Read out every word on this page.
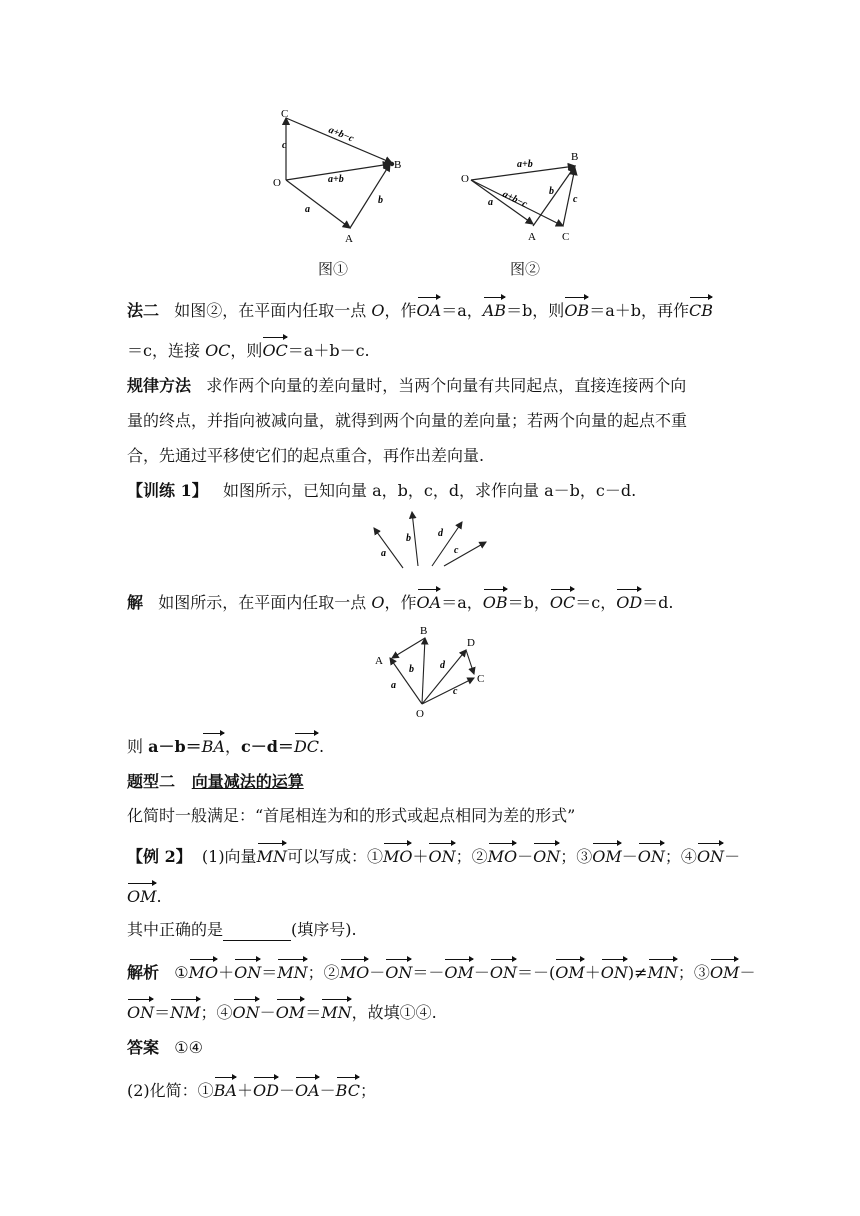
C
B
O
A
c
a+b−c
a+b
a
b
图①
O
B
A C
a+b
a+b−c
a
b
c
图②
法二 如图②，在平面内任取一点 O，作OA＝a，AB＝b，则OB＝a＋b，再作CB
＝c，连接 OC，则OC＝a＋b－c.
规律方法 求作两个向量的差向量时，当两个向量有共同起点，直接连接两个向
量的终点，并指向被减向量，就得到两个向量的差向量；若两个向量的起点不重
合，先通过平移使它们的起点重合，再作出差向量.
【训练 1】 如图所示，已知向量 a，b，c，d，求作向量 a－b，c－d.
a
b	d
c
解 如图所示，在平面内任取一点 O，作OA＝a，OB＝b，OC＝c，OD＝d.
B
A
D
C
O
b
a
d
c
则 a－b＝BA，c－d＝DC.
题型二 向量减法的运算
化简时一般满足：“首尾相连为和的形式或起点相同为差的形式”
【例 2】 (1)向量MN可以写成：①MO＋ON；②MO－ON；③OM－ON；④ON－
OM.
其中正确的是	(填序号).
解析 ①MO＋ON＝MN；②MO－ON＝－OM－ON＝－(OM＋ON)≠MN；③OM－
ON＝NM；④ON－OM＝MN，故填①④.
答案 ①④
(2)化简：①BA＋OD－OA－BC；
